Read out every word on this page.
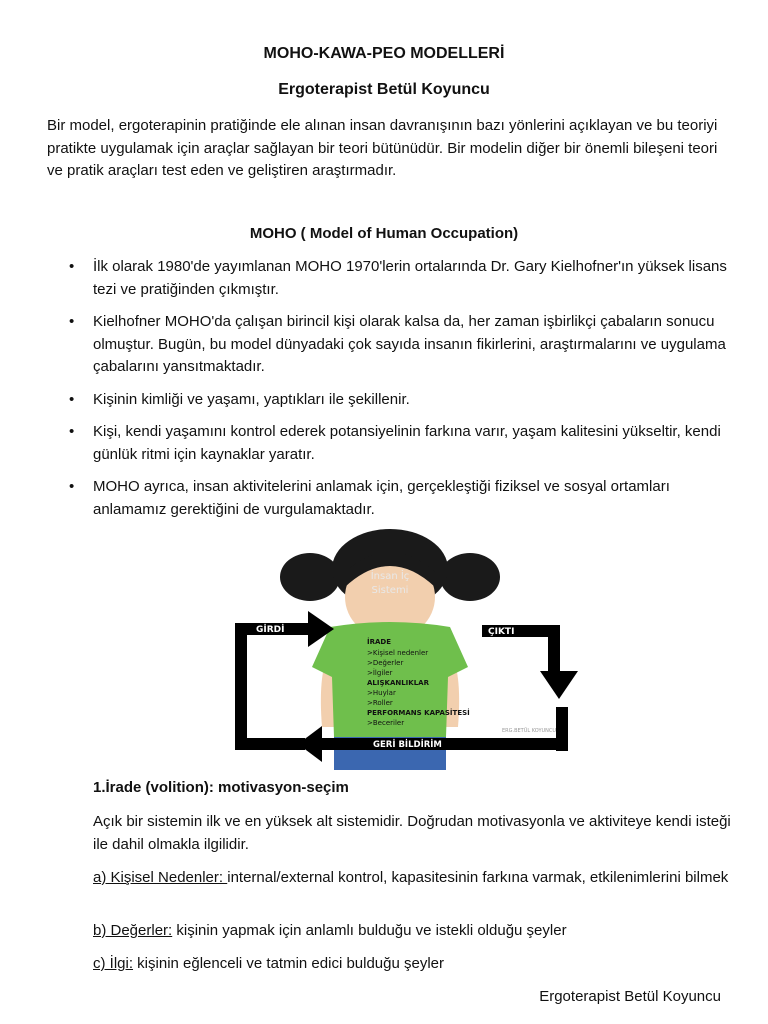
MOHO-KAWA-PEO MODELLERİ
Ergoterapist Betül Koyuncu

Bir model, ergoterapinin pratiğinde ele alınan insan davranışının bazı yönlerini açıklayan ve bu teoriyi pratikte uygulamak için araçlar sağlayan bir teori bütünüdür. Bir modelin diğer bir önemli bileşeni teori ve pratik araçları test eden ve geliştiren araştırmadır.

MOHO ( Model of Human Occupation)
• İlk olarak 1980'de yayımlanan MOHO 1970'lerin ortalarında Dr. Gary Kielhofner'ın yüksek lisans tezi ve pratiğinden çıkmıştır.
• Kielhofner MOHO'da çalışan birincil kişi olarak kalsa da, her zaman işbirlikçi çabaların sonucu olmuştur. Bugün, bu model dünyadaki çok sayıda insanın fikirlerini, araştırmalarını ve uygulama çabalarını yansıtmaktadır.
• Kişinin kimliği ve yaşamı, yaptıkları ile şekillenir.
• Kişi, kendi yaşamını kontrol ederek potansiyelinin farkına varır, yaşam kalitesini yükseltir, kendi günlük ritmi için kaynaklar yaratır.
• MOHO ayrıca, insan aktivitelerini anlamak için, gerçekleştiği fiziksel ve sosyal ortamları anlamamız gerektiğini de vurgulamaktadır.
İnsan İç
Sistemi
İRADE
>Kişisel nedenler
>Değerler
>İlgiler
ALIŞKANLIKLAR
>Huylar
>Roller
PERFORMANS KAPASİTESİ
>Beceriler
ERG.BETÜL KOYUNCU
GİRDİ	ÇIKTI
GERİ BİLDİRİM
1.İrade (volition): motivasyon-seçim

Açık bir sistemin ilk ve en yüksek alt sistemidir. Doğrudan motivasyonla ve aktiviteye kendi isteği ile dahil olmakla ilgilidir.

a) Kişisel Nedenler: internal/external kontrol, kapasitesinin farkına varmak, etkilenimlerini bilmek

b) Değerler: kişinin yapmak için anlamlı bulduğu ve istekli olduğu şeyler

c) İlgi: kişinin eğlenceli ve tatmin edici bulduğu şeyler

Ergoterapist Betül Koyuncu
